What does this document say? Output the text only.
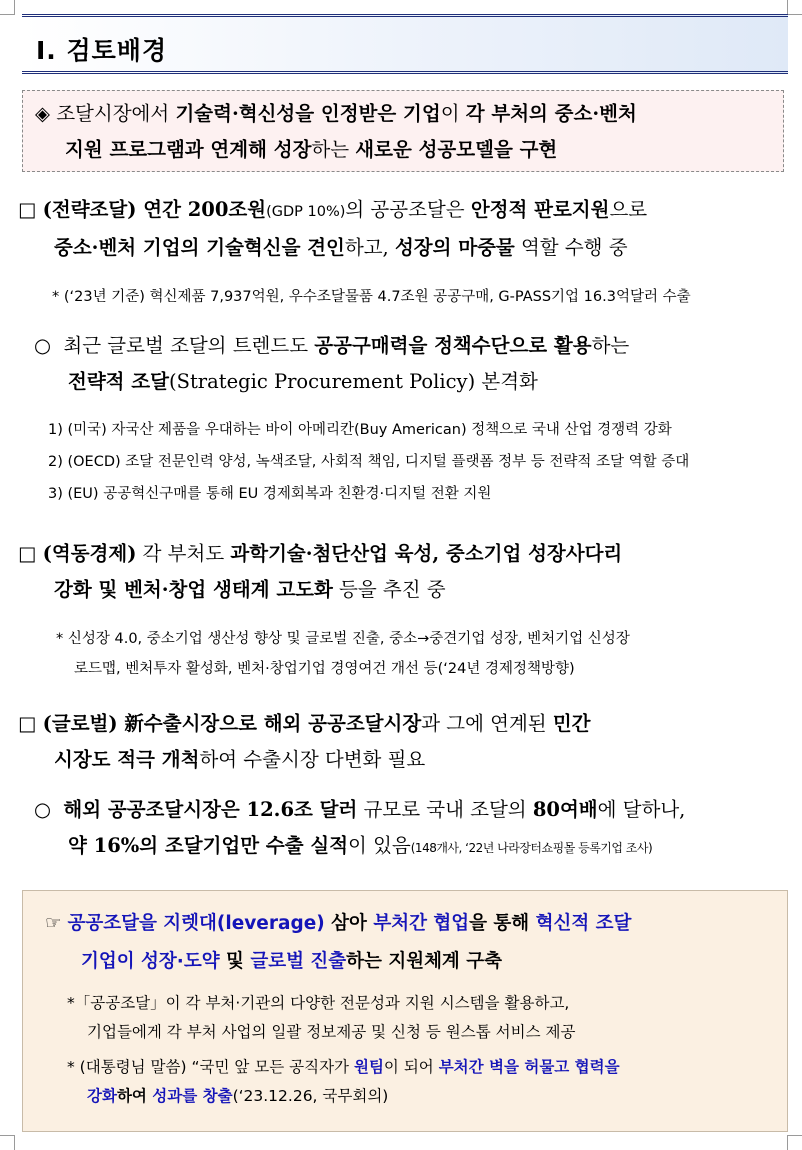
Ⅰ. 검토배경
◈ 조달시장에서 기술력·혁신성을 인정받은 기업이 각 부처의 중소·벤처
지원 프로그램과 연계해 성장하는 새로운 성공모델을 구현
□ (전략조달) 연간 200조원(GDP 10%)의 공공조달은 안정적 판로지원으로
중소·벤처 기업의 기술혁신을 견인하고, 성장의 마중물 역할 수행 중
* (‘23년 기준) 혁신제품 7,937억원, 우수조달물품 4.7조원 공공구매, G-PASS기업 16.3억달러 수출
○ 최근 글로벌 조달의 트렌드도 공공구매력을 정책수단으로 활용하는
전략적 조달(Strategic Procurement Policy) 본격화
1) (미국) 자국산 제품을 우대하는 바이 아메리칸(Buy American) 정책으로 국내 산업 경쟁력 강화
2) (OECD) 조달 전문인력 양성, 녹색조달, 사회적 책임, 디지털 플랫폼 정부 등 전략적 조달 역할 증대
3) (EU) 공공혁신구매를 통해 EU 경제회복과 친환경·디지털 전환 지원
□ (역동경제) 각 부처도 과학기술·첨단산업 육성, 중소기업 성장사다리
강화 및 벤처·창업 생태계 고도화 등을 추진 중
* 신성장 4.0, 중소기업 생산성 향상 및 글로벌 진출, 중소→중견기업 성장, 벤처기업 신성장
로드맵, 벤처투자 활성화, 벤처·창업기업 경영여건 개선 등(‘24년 경제정책방향)
□ (글로벌) 新수출시장으로 해외 공공조달시장과 그에 연계된 민간
시장도 적극 개척하여 수출시장 다변화 필요
○ 해외 공공조달시장은 12.6조 달러 규모로 국내 조달의 80여배에 달하나,
약 16%의 조달기업만 수출 실적이 있음(148개사, ‘22년 나라장터쇼핑몰 등록기업 조사)
☞ 공공조달을 지렛대(leverage) 삼아 부처간 협업을 통해 혁신적 조달
기업이 성장·도약 및 글로벌 진출하는 지원체계 구축
*「공공조달」이 각 부처·기관의 다양한 전문성과 지원 시스템을 활용하고,
기업들에게 각 부처 사업의 일괄 정보제공 및 신청 등 원스톱 서비스 제공
* (대통령님 말씀) “국민 앞 모든 공직자가 원팀이 되어 부처간 벽을 허물고 협력을
강화하여 성과를 창출(‘23.12.26, 국무회의)
